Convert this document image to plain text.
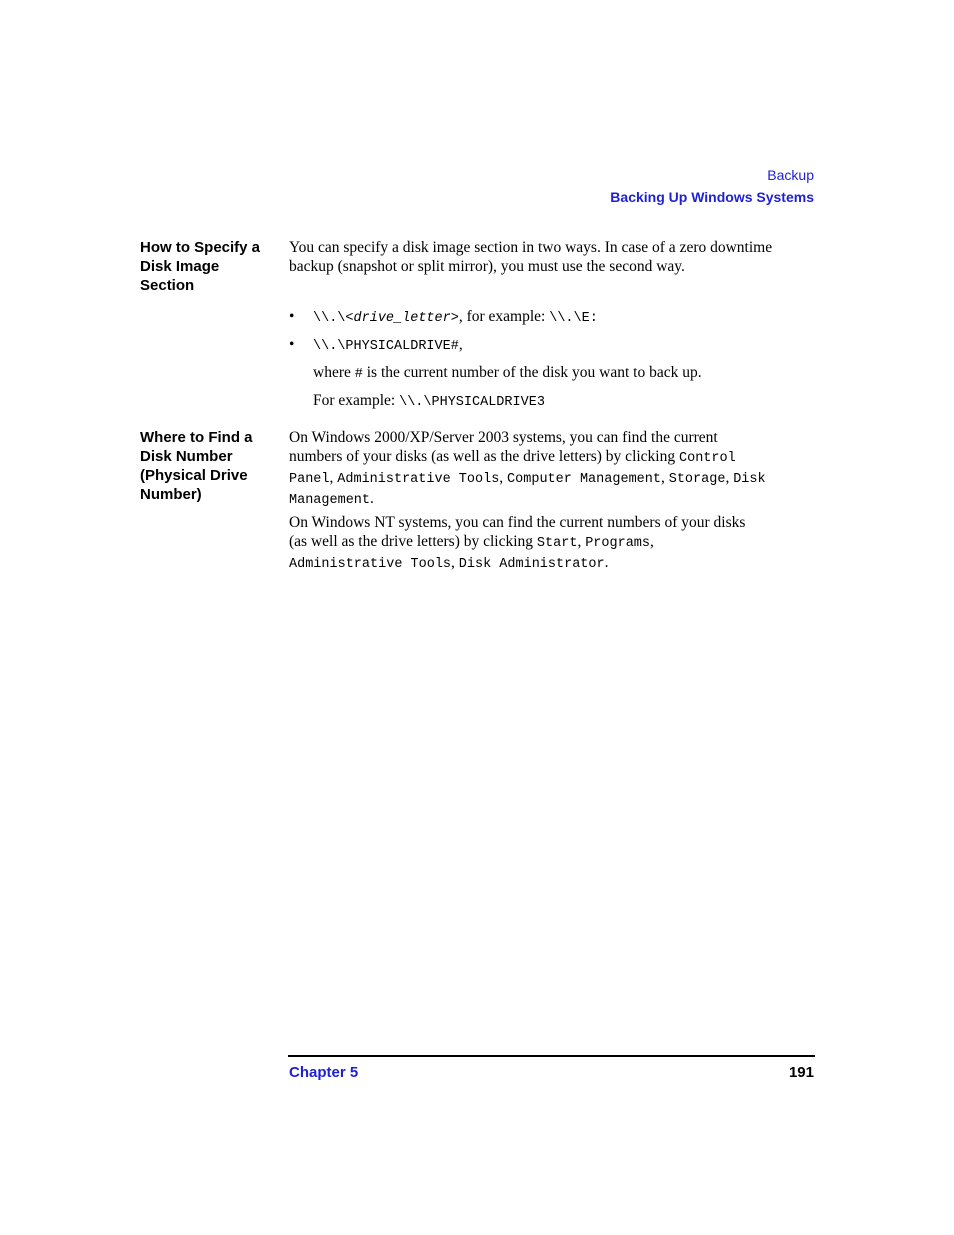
Backup
Backing Up Windows Systems
How to Specify a
Disk Image
Section

You can specify a disk image section in two ways. In case of a zero downtime backup (snapshot or split mirror), you must use the second way.

• \\.\<drive_letter>, for example: \\.\E:
• \\.\PHYSICALDRIVE#,
where # is the current number of the disk you want to back up.
For example: \\.\PHYSICALDRIVE3
Where to Find a
Disk Number
(Physical Drive
Number)
On Windows 2000/XP/Server 2003 systems, you can find the current
numbers of your disks (as well as the drive letters) by clicking Control
Panel, Administrative Tools, Computer Management, Storage, Disk
Management.
On Windows NT systems, you can find the current numbers of your disks
(as well as the drive letters) by clicking Start, Programs,
Administrative Tools, Disk Administrator.
Chapter 5	191
